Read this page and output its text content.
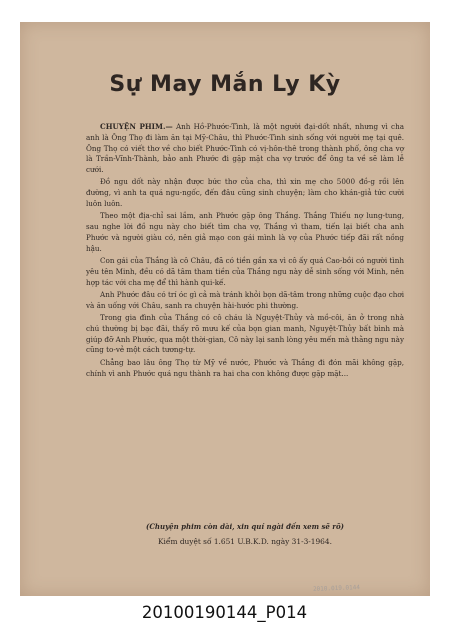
Sự May Mắn Ly Kỳ

CHUYỆN PHIM.— Anh Hồ-Phước-Tình, là một người đại-dốt nhất, nhưng vì cha anh là Ông Thọ đi làm ăn tại Mỹ-Châu, thì Phước-Tình sinh sống với người mẹ tại quê. Ông Thọ có viết thơ về cho biết Phước-Tình có vị-hôn-thê trong thành phố, ông cha vợ là Trần-Vĩnh-Thành, bảo anh Phước đi gặp mặt cha vợ trước để ông ta về sẽ làm lễ cưới.

Đồ ngu dốt này nhận được bức thơ của cha, thì xin mẹ cho 5000 đồ-g rồi lên đường, vì anh ta quá ngu-ngốc, đến đâu cũng sinh chuyện; làm cho khán-giả tức cười luôn luôn.

Theo một địa-chỉ sai lầm, anh Phước gặp ông Thắng. Thắng Thiếu nợ lung-tung, sau nghe lời đồ ngu này cho biết tìm cha vợ, Thắng vì tham, tiến lại biết cha anh Phước và người giàu có, nên giả mạo con gái mình là vợ của Phước tiếp đãi rất nồng hậu.

Con gái của Thắng là cô Châu, đã có tiền gần xa vì cô ấy quá Cao-bồi có người tình yêu tên Minh, đều có dã tâm tham tiền của Thắng ngu này dễ sinh sống với Minh, nên hợp tác với cha mẹ để thì hành qui-kế.

Anh Phước đâu có trí óc gì cả mà tránh khỏi bọn dã-tâm trong những cuộc đạo chơi và ăn uống với Châu, sanh ra chuyện hài-hước phi thường.

Trong gia đình của Thắng có cô cháu là Nguyệt-Thủy và mồ-côi, ăn ở trong nhà chú thường bị bạc đãi, thấy rõ mưu kế của bọn gian manh, Nguyệt-Thủy bất bình mà giúp đỡ Anh Phước, qua một thời-gian, Cô này lại sanh lòng yêu mến mà thằng ngu này cũng to-vẻ một cách tương-tự.

Chẳng bao lâu ông Thọ từ Mỹ về nước, Phước và Thắng đi đón mãi không gặp, chính vì anh Phước quá ngu thành ra hai cha con không được gặp mặt...

(Chuyện phim còn dài, xin quí ngài đến xem sẽ rõ)
Kiểm duyệt số 1.651 U.B.K.D. ngày 31-3-1964.
2010.019.0144
20100190144_P014
